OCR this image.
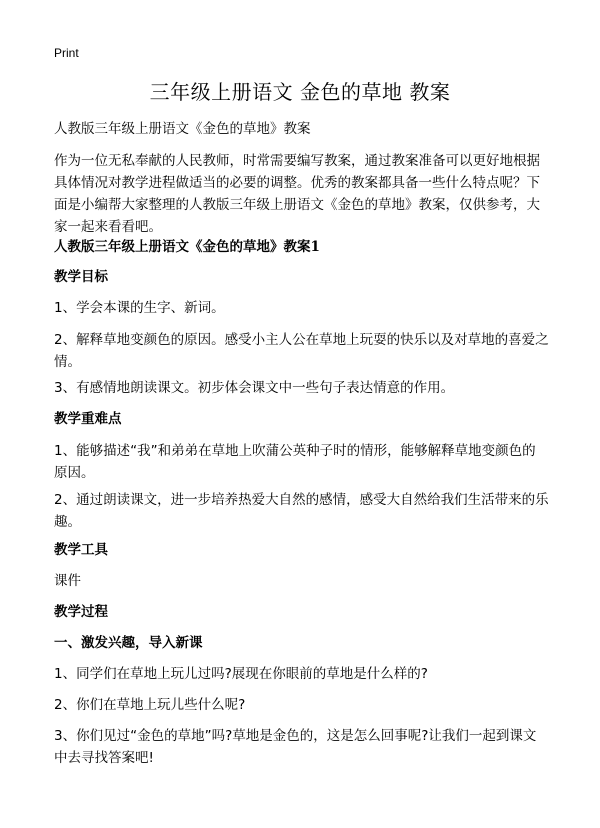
Print
三年级上册语文 金色的草地 教案

人教版三年级上册语文《金色的草地》教案

作为一位无私奉献的人民教师，时常需要编写教案，通过教案准备可以更好地根据具体情况对教学进程做适当的必要的调整。优秀的教案都具备一些什么特点呢？下面是小编帮大家整理的人教版三年级上册语文《金色的草地》教案，仅供参考，大家一起来看看吧。

人教版三年级上册语文《金色的草地》教案1

教学目标

1、学会本课的生字、新词。

2、解释草地变颜色的原因。感受小主人公在草地上玩耍的快乐以及对草地的喜爱之情。

3、有感情地朗读课文。初步体会课文中一些句子表达情意的作用。

教学重难点

1、能够描述“我”和弟弟在草地上吹蒲公英种子时的情形，能够解释草地变颜色的原因。

2、通过朗读课文，进一步培养热爱大自然的感情，感受大自然给我们生活带来的乐趣。

教学工具

课件

教学过程

一、激发兴趣，导入新课

1、同学们在草地上玩儿过吗?展现在你眼前的草地是什么样的?

2、你们在草地上玩儿些什么呢?

3、你们见过“金色的草地”吗?草地是金色的，这是怎么回事呢?让我们一起到课文中去寻找答案吧!
